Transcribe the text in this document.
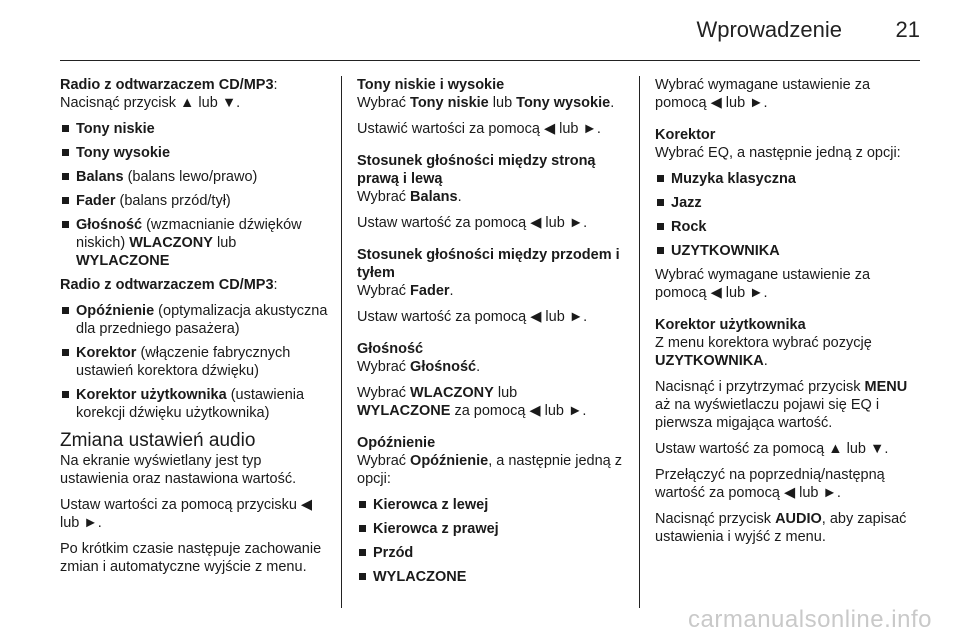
Wprowadzenie 21

Radio z odtwarzaczem CD/MP3:
Nacisnąć przycisk ▲ lub ▼.

Tony niskie
Tony wysokie
Balans (balans lewo/prawo)
Fader (balans przód/tył)
Głośność (wzmacnianie dźwięków niskich) WLACZONY lub WYLACZONE

Radio z odtwarzaczem CD/MP3:

Opóźnienie (optymalizacja akustyczna dla przedniego pasażera)
Korektor (włączenie fabrycznych ustawień korektora dźwięku)
Korektor użytkownika (ustawienia korekcji dźwięku użytkownika)
Zmiana ustawień audio

Na ekranie wyświetlany jest typ ustawienia oraz nastawiona wartość.

Ustaw wartości za pomocą przycisku ◀ lub ►.

Po krótkim czasie następuje zachowanie zmian i automatyczne wyjście z menu.

Tony niskie i wysokie

Wybrać Tony niskie lub Tony wysokie.

Ustawić wartości za pomocą ◀ lub ►.

Stosunek głośności między stroną prawą i lewą

Wybrać Balans.

Ustaw wartość za pomocą ◀ lub ►.

Stosunek głośności między przodem i tyłem

Wybrać Fader.

Ustaw wartość za pomocą ◀ lub ►.

Głośność

Wybrać Głośność.

Wybrać WLACZONY lub
WYLACZONE za pomocą ◀ lub ►.

Opóźnienie

Wybrać Opóźnienie, a następnie jedną z opcji:

Kierowca z lewej
Kierowca z prawej
Przód
WYLACZONE

Wybrać wymagane ustawienie za pomocą ◀ lub ►.

Korektor

Wybrać EQ, a następnie jedną z opcji:

Muzyka klasyczna
Jazz
Rock
UZYTKOWNIKA

Wybrać wymagane ustawienie za pomocą ◀ lub ►.

Korektor użytkownika

Z menu korektora wybrać pozycję UZYTKOWNIKA.

Nacisnąć i przytrzymać przycisk MENU aż na wyświetlaczu pojawi się EQ i pierwsza migająca wartość.

Ustaw wartość za pomocą ▲ lub ▼.

Przełączyć na poprzednią/następną wartość za pomocą ◀ lub ►.

Nacisnąć przycisk AUDIO, aby zapisać ustawienia i wyjść z menu.

carmanualsonline.info
